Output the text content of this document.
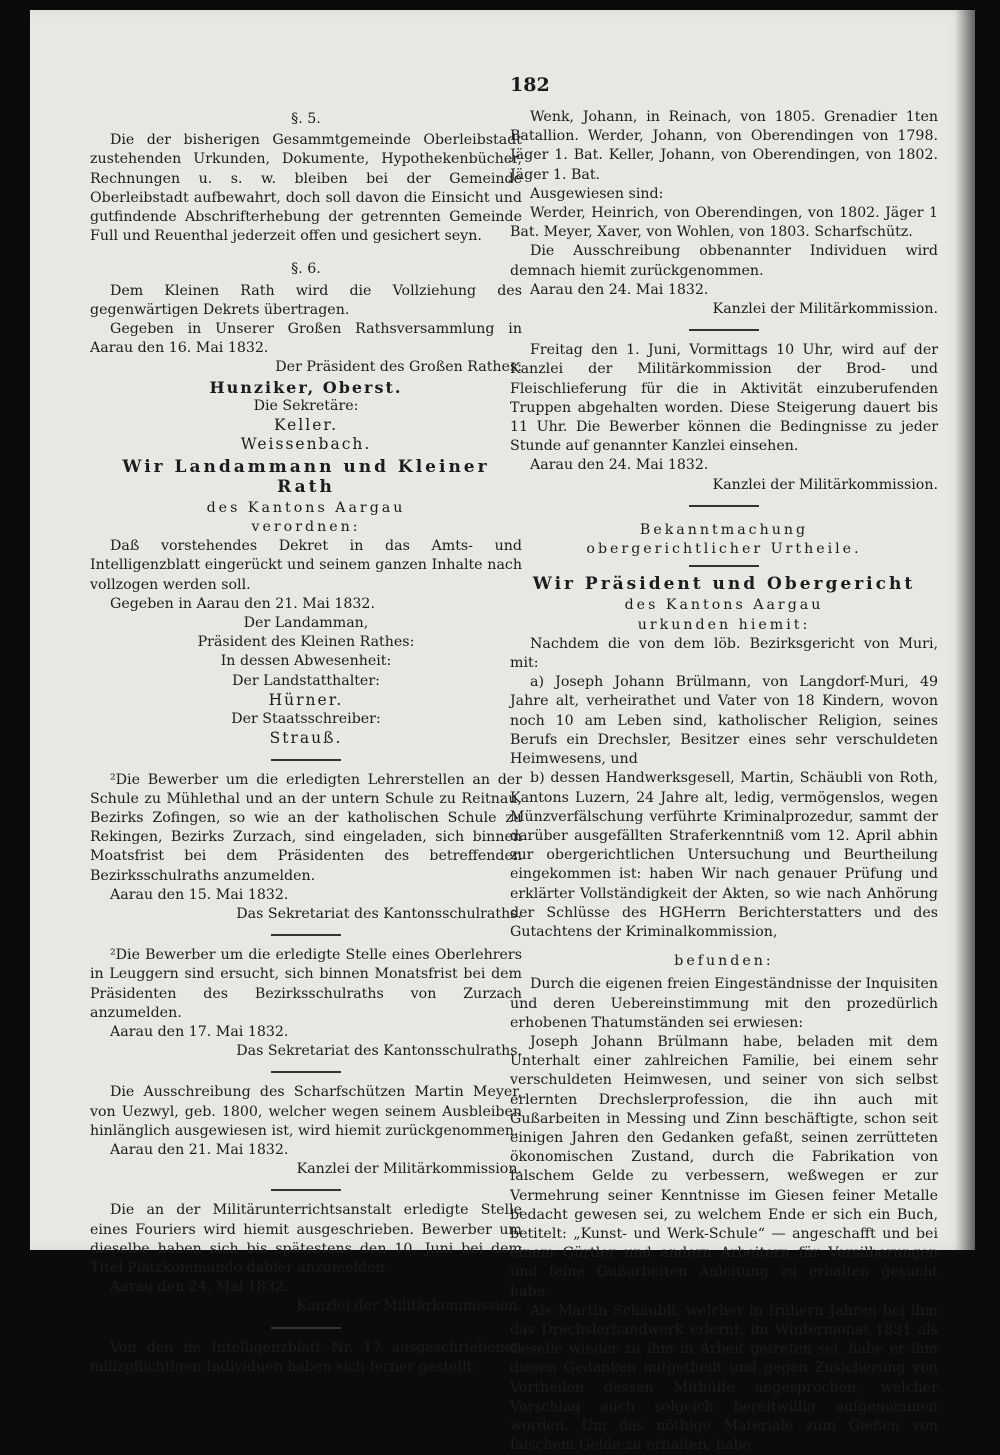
182

§. 5.

Die der bisherigen Gesammtgemeinde Oberleibstadt zustehenden Urkunden, Dokumente, Hypothekenbücher, Rechnungen u. s. w. bleiben bei der Gemeinde Oberleibstadt aufbewahrt, doch soll davon die Einsicht und gutfindende Abschrifterhebung der getrennten Gemeinde Full und Reuenthal jederzeit offen und gesichert seyn.

§. 6.

Dem Kleinen Rath wird die Vollziehung des gegenwärtigen Dekrets übertragen.

Gegeben in Unserer Großen Rathsversammlung in Aarau den 16. Mai 1832.

Der Präsident des Großen Rathes:

Hunziker, Oberst.

Die Sekretäre:

Keller.

Weissenbach.

Wir Landammann und Kleiner Rath

des Kantons Aargau

verordnen:

Daß vorstehendes Dekret in das Amts- und Intelligenzblatt eingerückt und seinem ganzen Inhalte nach vollzogen werden soll.

Gegeben in Aarau den 21. Mai 1832.

Der Landamman,

Präsident des Kleinen Rathes:

In dessen Abwesenheit:

Der Landstatthalter:

Hürner.

Der Staatsschreiber:

Strauß.

²Die Bewerber um die erledigten Lehrerstellen an der Schule zu Mühlethal und an der untern Schule zu Reitnau, Bezirks Zofingen, so wie an der katholischen Schule zu Rekingen, Bezirks Zurzach, sind eingeladen, sich binnen Moatsfrist bei dem Präsidenten des betreffenden Bezirksschulraths anzumelden.

Aarau den 15. Mai 1832.

Das Sekretariat des Kantonsschulraths.

²Die Bewerber um die erledigte Stelle eines Oberlehrers in Leuggern sind ersucht, sich binnen Monatsfrist bei dem Präsidenten des Bezirksschulraths von Zurzach anzumelden.

Aarau den 17. Mai 1832.

Das Sekretariat des Kantonsschulraths.

Die Ausschreibung des Scharfschützen Martin Meyer, von Uezwyl, geb. 1800, welcher wegen seinem Ausbleiben hinlänglich ausgewiesen ist, wird hiemit zurückgenommen.

Aarau den 21. Mai 1832.

Kanzlei der Militärkommission.

Die an der Militärunterrichtsanstalt erledigte Stelle eines Fouriers wird hiemit ausgeschrieben. Bewerber um dieselbe haben sich bis spätestens den 10. Juni bei dem Titel Platzkommando dabier anzumelden.

Aarau den 24. Mai 1832.

Kanzlei der Militärkommission.

Von den im Intelligenzblatt Nr. 17 ausgeschriebenen milizpflichtigen Individuen haben sich ferner gestellt:

Wenk, Johann, in Reinach, von 1805. Grenadier 1ten Batallion. Werder, Johann, von Oberendingen von 1798. Jäger 1. Bat. Keller, Johann, von Oberendingen, von 1802. Jäger 1. Bat.

Ausgewiesen sind:

Werder, Heinrich, von Oberendingen, von 1802. Jäger 1 Bat. Meyer, Xaver, von Wohlen, von 1803. Scharfschütz.

Die Ausschreibung obbenannter Individuen wird demnach hiemit zurückgenommen.

Aarau den 24. Mai 1832.

Kanzlei der Militärkommission.

Freitag den 1. Juni, Vormittags 10 Uhr, wird auf der Kanzlei der Militärkommission der Brod- und Fleischlieferung für die in Aktivität einzuberufenden Truppen abgehalten worden. Diese Steigerung dauert bis 11 Uhr. Die Bewerber können die Bedingnisse zu jeder Stunde auf genannter Kanzlei einsehen.

Aarau den 24. Mai 1832.

Kanzlei der Militärkommission.

Bekanntmachung

obergerichtlicher Urtheile.

Wir Präsident und Obergericht

des Kantons Aargau

urkunden hiemit:

Nachdem die von dem löb. Bezirksgericht von Muri, mit:

a) Joseph Johann Brülmann, von Langdorf-Muri, 49 Jahre alt, verheirathet und Vater von 18 Kindern, wovon noch 10 am Leben sind, katholischer Religion, seines Berufs ein Drechsler, Besitzer eines sehr verschuldeten Heimwesens, und

b) dessen Handwerksgesell, Martin, Schäubli von Roth, Kantons Luzern, 24 Jahre alt, ledig, vermögenslos, wegen Münzverfälschung verführte Kriminalprozedur, sammt der darüber ausgefällten Straferkenntniß vom 12. April abhin zur obergerichtlichen Untersuchung und Beurtheilung eingekommen ist: haben Wir nach genauer Prüfung und erklärter Vollständigkeit der Akten, so wie nach Anhörung der Schlüsse des HGHerrn Berichterstatters und des Gutachtens der Kriminalkommission,

befunden:

Durch die eigenen freien Eingeständnisse der Inquisiten und deren Uebereinstimmung mit den prozedürlich erhobenen Thatumständen sei erwiesen:

Joseph Johann Brülmann habe, beladen mit dem Unterhalt einer zahlreichen Familie, bei einem sehr verschuldeten Heimwesen, und seiner von sich selbst erlernten Drechslerprofession, die ihn auch mit Gußarbeiten in Messing und Zinn beschäftigte, schon seit einigen Jahren den Gedanken gefaßt, seinen zerrütteten ökonomischen Zustand, durch die Fabrikation von falschem Gelde zu verbessern, weßwegen er zur Vermehrung seiner Kenntnisse im Giesen feiner Metalle bedacht gewesen sei, zu welchem Ende er sich ein Buch, betitelt: „Kunst- und Werk-Schule“ — angeschafft und bei einem Gürtler und andern Arbeitern für Versilberungen und feine Gußarbeiten Anleitung zu erhalten gesucht habe.

Als Martin Schäubli, welcher in frühern Jahren bei ihm das Drechslerhandwerk erlernt, im Wintermonat 1831 als Geselle wieder zu ihm in Arbeit getreten sei, habe er ihm diesen Gedanken mitgetheilt und gegen Zusicherung von Vortheilen dessen Mithülfe angesprochen, welcher Vorschlag auch solgeich bereitwillig aufgenommen worden. Um das nöthige Materiale zum Gießen von falschem Gelde zu erhalten, habe
